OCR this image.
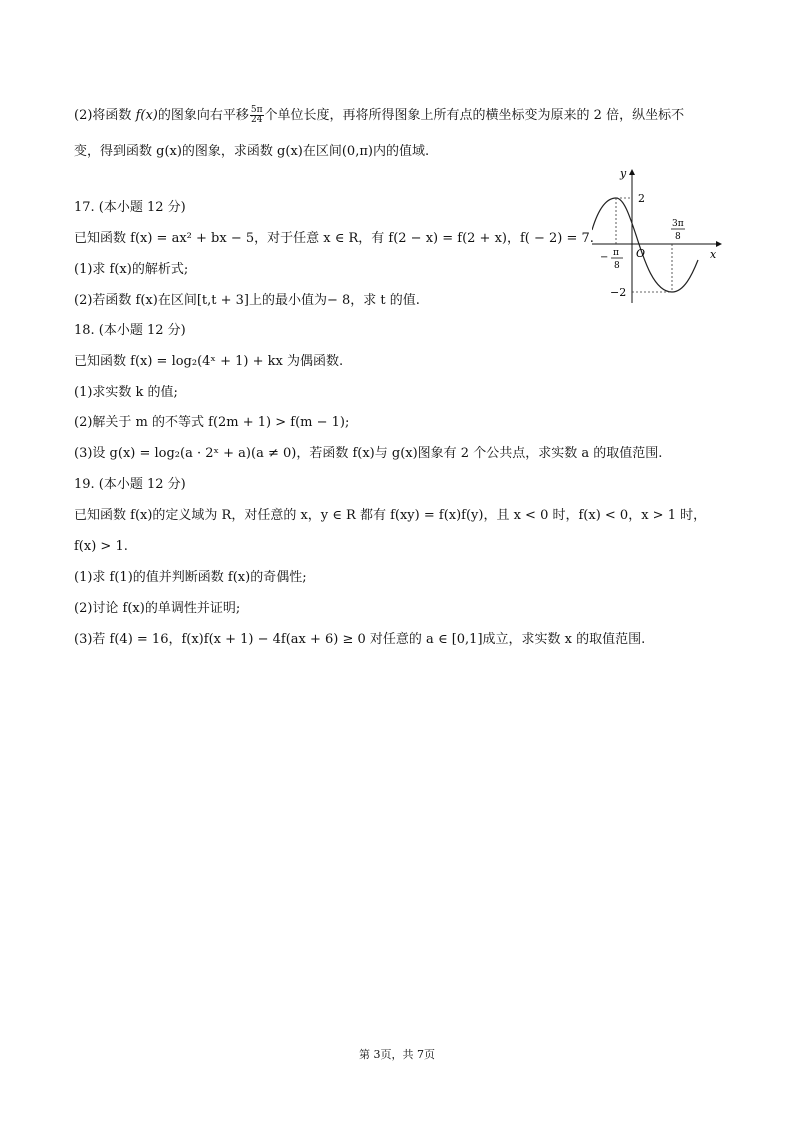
(2)将函数 f(x)的图象向右平移 $\frac{5\pi}{24}$ 个单位长度，再将所得图象上所有点的横坐标变为原来的 2 倍，纵坐标不
变，得到函数 g(x)的图象，求函数 g(x)在区间(0,π)内的值域.
17. (本小题 12 分)
已知函数 f(x) = ax² + bx − 5，对于任意 x ∈ R，有 f(2 − x) = f(2 + x)，f( − 2) = 7.
(1)求 f(x)的解析式;
(2)若函数 f(x)在区间[t,t + 3]上的最小值为− 8，求 t 的值.
18. (本小题 12 分)
已知函数 f(x) = log₂(4ˣ + 1) + kx 为偶函数.
(1)求实数 k 的值;
(2)解关于 m 的不等式 f(2m + 1) > f(m − 1);
(3)设 g(x) = log₂(a · 2ˣ + a)(a ≠ 0)，若函数 f(x)与 g(x)图象有 2 个公共点，求实数 a 的取值范围.
19. (本小题 12 分)
已知函数 f(x)的定义域为 R，对任意的 x，y ∈ R 都有 f(xy) = f(x)f(y)，且 x < 0 时，f(x) < 0，x > 1 时，
f(x) > 1.
(1)求 f(1)的值并判断函数 f(x)的奇偶性;
(2)讨论 f(x)的单调性并证明;
(3)若 f(4) = 16，f(x)f(x + 1) − 4f(ax + 6) ≥ 0 对任意的 a ∈ [0,1]成立，求实数 x 的取值范围.
y
x
O
2
−2
− π
8
3π
8
第 3页，共 7页
